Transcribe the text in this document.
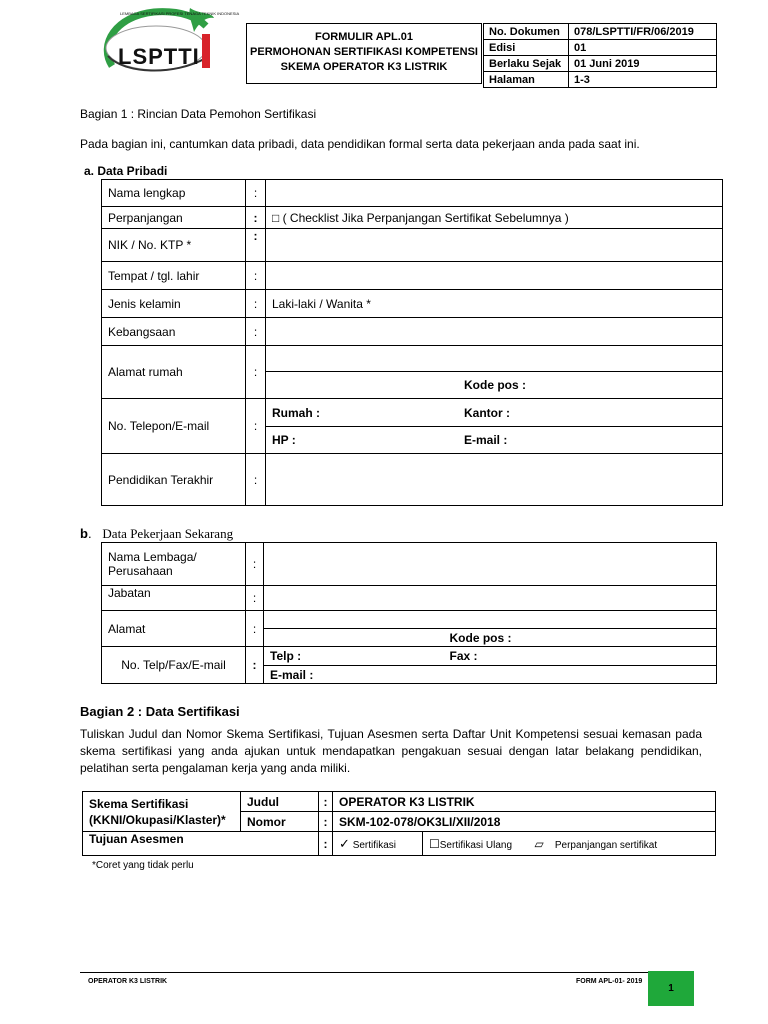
LSPTTI
LEMBAGA SERTIFIKASI PROFESI TENAGA TEKNIK INDONESIA
FORMULIR APL.01
PERMOHONAN SERTIFIKASI KOMPETENSI
SKEMA OPERATOR K3 LISTRIK
No. Dokumen	078/LSPTTI/FR/06/2019
Edisi	01
Berlaku Sejak	01 Juni 2019
Halaman	1-3
Bagian 1 : Rincian Data Pemohon Sertifikasi
Pada bagian ini, cantumkan data pribadi, data pendidikan formal serta data pekerjaan anda pada saat ini.
a. Data Pribadi
Nama lengkap	:		
Perpanjangan	:	□ ( Checklist Jika Perpanjangan Sertifikat Sebelumnya )	
NIK / No. KTP *	:		
Tempat / tgl. lahir	:		
Jenis kelamin	:	Laki-laki / Wanita *	
Kebangsaan	:		
Alamat rumah	:		
			Kode pos :
No. Telepon/E-mail	:	Rumah :	Kantor :
		HP :	E-mail :
Pendidikan Terakhir	:		
b.   Data Pekerjaan Sekarang
Nama Lembaga/ Perusahaan	:		
Jabatan	:		
Alamat	:		
			Kode pos :
No. Telp/Fax/E-mail	:	Telp :	Fax :
		E-mail :	
Bagian 2 : Data Sertifikasi
Tuliskan Judul dan Nomor Skema Sertifikasi, Tujuan Asesmen serta Daftar Unit Kompetensi sesuai kemasan pada skema sertifikasi yang anda ajukan untuk mendapatkan pengakuan sesuai dengan latar belakang pendidikan, pelatihan serta pengalaman kerja yang anda miliki.
Skema Sertifikasi (KKNI/Okupasi/Klaster)*	Judul	:	OPERATOR K3 LISTRIK		
	Nomor	:	SKM-102-078/OK3LI/XII/2018		
Tujuan Asesmen		:	✓ Sertifikasi	☐Sertifikasi Ulang	▱ Perpanjangan sertifikat
*Coret yang tidak perlu
OPERATOR K3 LISTRIK	FORM APL-01- 2019
1
